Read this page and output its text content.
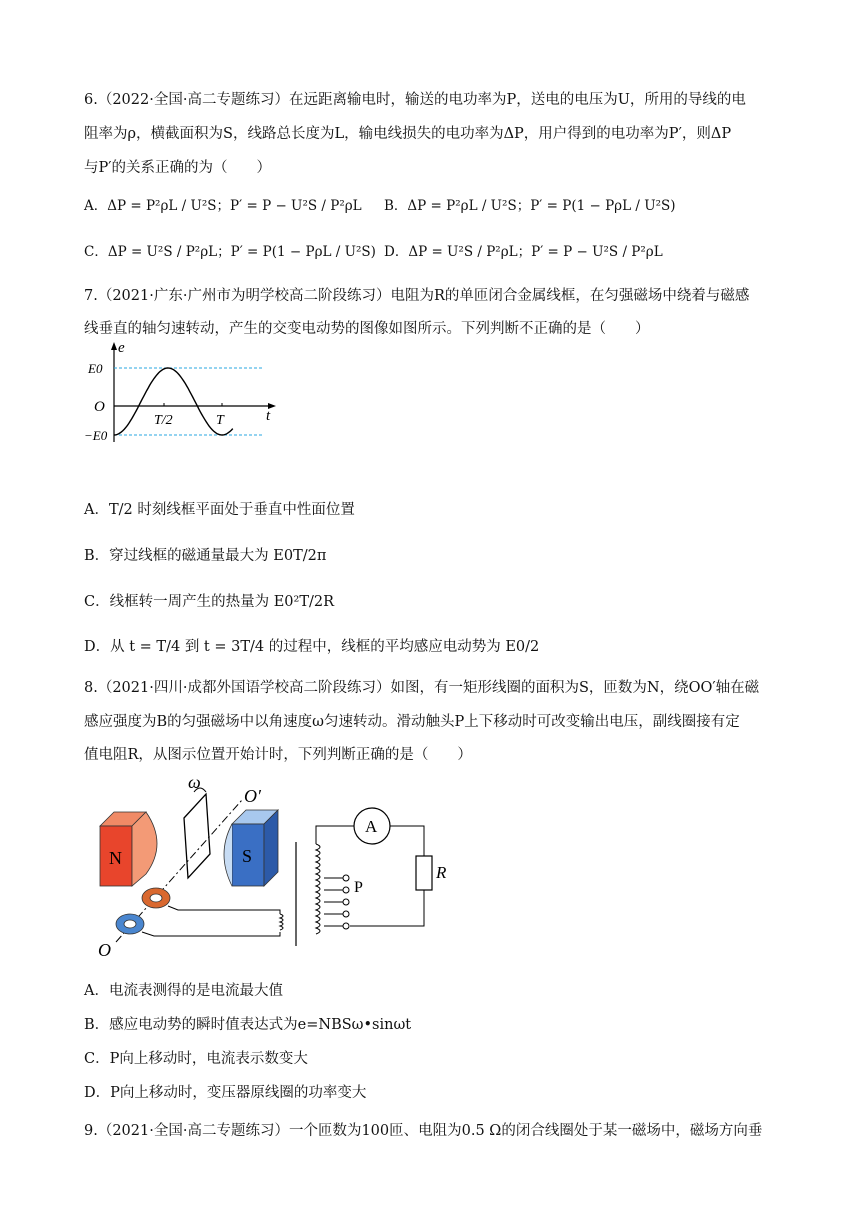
6.（2022·全国·高二专题练习）在远距离输电时，输送的电功率为P，送电的电压为U，所用的导线的电
阻率为ρ，横截面积为S，线路总长度为L，输电线损失的电功率为ΔP，用户得到的电功率为P′，则ΔP
与P′的关系正确的为（　　）
A．ΔP = P²ρL / U²S；P′ = P − U²S / P²ρL B．ΔP = P²ρL / U²S；P′ = P(1 − PρL / U²S)
C．ΔP = U²S / P²ρL；P′ = P(1 − PρL / U²S) D．ΔP = U²S / P²ρL；P′ = P − U²S / P²ρL
7.（2021·广东·广州市为明学校高二阶段练习）电阻为R的单匝闭合金属线框，在匀强磁场中绕着与磁感
线垂直的轴匀速转动，产生的交变电动势的图像如图所示。下列判断不正确的是（　　）
e
t
E0
−E0
O
T/2	T
A．T/2 时刻线框平面处于垂直中性面位置
B．穿过线框的磁通量最大为 E0T/2π
C．线框转一周产生的热量为 E0²T/2R
D．从 t = T/4 到 t = 3T/4 的过程中，线框的平均感应电动势为 E0/2
8.（2021·四川·成都外国语学校高二阶段练习）如图，有一矩形线圈的面积为S，匝数为N，绕OO′轴在磁
感应强度为B的匀强磁场中以角速度ω匀速转动。滑动触头P上下移动时可改变输出电压，副线圈接有定
值电阻R，从图示位置开始计时，下列判断正确的是（　　）
N	S
ω
O′
O
A
R
P
A．电流表测得的是电流最大值
B．感应电动势的瞬时值表达式为e=NBSω•sinωt
C．P向上移动时，电流表示数变大
D．P向上移动时，变压器原线圈的功率变大
9.（2021·全国·高二专题练习）一个匝数为100匝、电阻为0.5 Ω的闭合线圈处于某一磁场中，磁场方向垂
